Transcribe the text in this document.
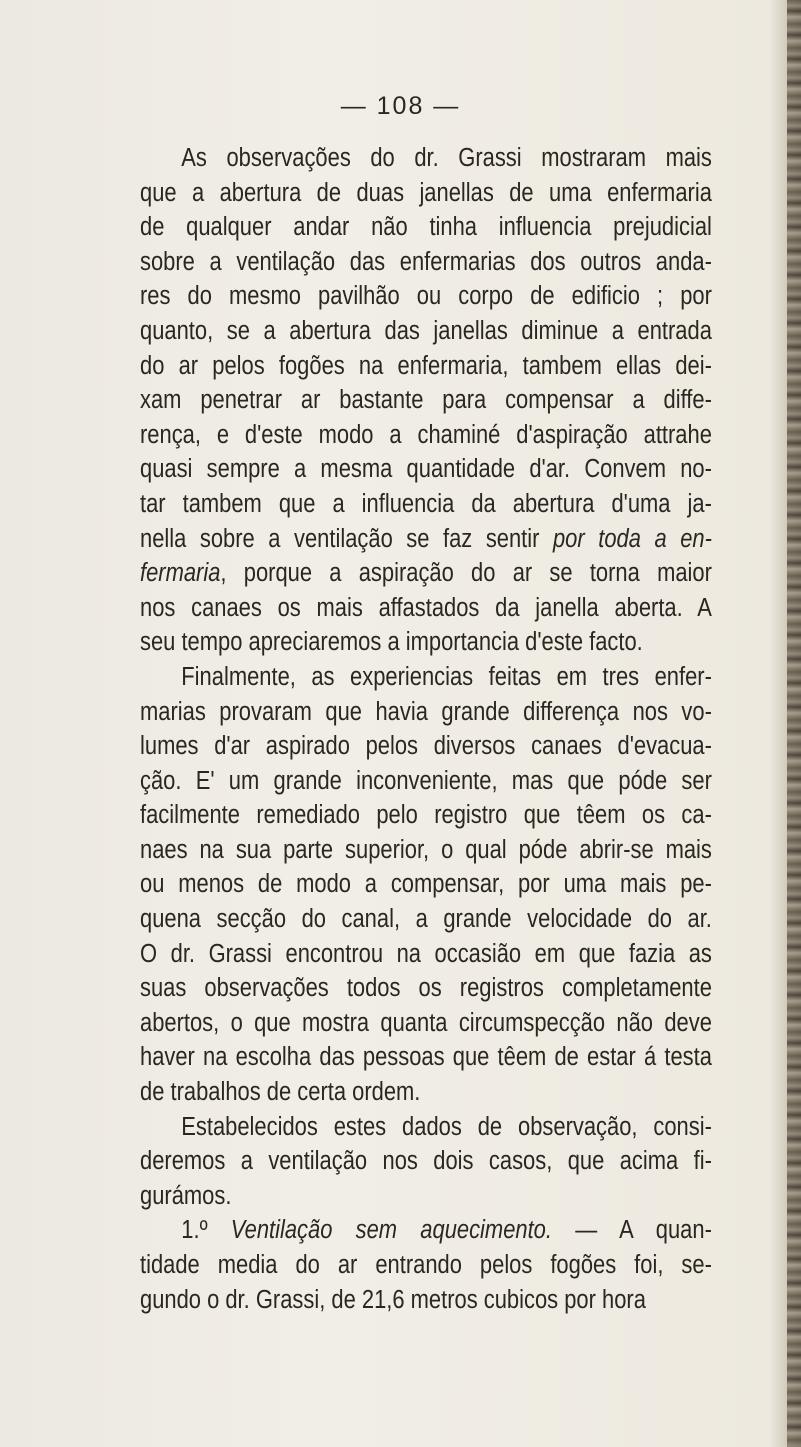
— 108 —
As observações do dr. Grassi mostraram mais
que a abertura de duas janellas de uma enfermaria
de qualquer andar não tinha influencia prejudicial
sobre a ventilação das enfermarias dos outros anda-
res do mesmo pavilhão ou corpo de edificio ; por
quanto, se a abertura das janellas diminue a entrada
do ar pelos fogões na enfermaria, tambem ellas dei-
xam penetrar ar bastante para compensar a diffe-
rença, e d'este modo a chaminé d'aspiração attrahe
quasi sempre a mesma quantidade d'ar. Convem no-
tar tambem que a influencia da abertura d'uma ja-
nella sobre a ventilação se faz sentir por toda a en-
fermaria, porque a aspiração do ar se torna maior
nos canaes os mais affastados da janella aberta. A
seu tempo apreciaremos a importancia d'este facto.
Finalmente, as experiencias feitas em tres enfer-
marias provaram que havia grande differença nos vo-
lumes d'ar aspirado pelos diversos canaes d'evacua-
ção. E' um grande inconveniente, mas que póde ser
facilmente remediado pelo registro que têem os ca-
naes na sua parte superior, o qual póde abrir-se mais
ou menos de modo a compensar, por uma mais pe-
quena secção do canal, a grande velocidade do ar.
O dr. Grassi encontrou na occasião em que fazia as
suas observações todos os registros completamente
abertos, o que mostra quanta circumspecção não deve
haver na escolha das pessoas que têem de estar á testa
de trabalhos de certa ordem.
Estabelecidos estes dados de observação, consi-
deremos a ventilação nos dois casos, que acima fi-
gurámos.
1.º Ventilação sem aquecimento. — A quan-
tidade media do ar entrando pelos fogões foi, se-
gundo o dr. Grassi, de 21,6 metros cubicos por hora
